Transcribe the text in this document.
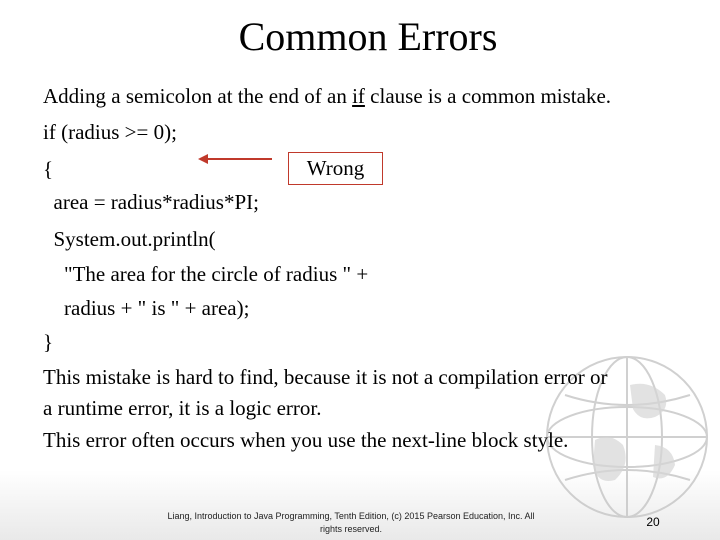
Common Errors
Adding a semicolon at the end of an if clause is a common mistake.
if (radius >= 0);
{
area = radius*radius*PI;
System.out.println(
"The area for the circle of radius " +
radius + " is " + area);
}
This mistake is hard to find, because it is not a compilation error or
a runtime error, it is a logic error.
This error often occurs when you use the next-line block style.
Wrong
Liang, Introduction to Java Programming, Tenth Edition, (c) 2015 Pearson Education, Inc. All
rights reserved.	20
